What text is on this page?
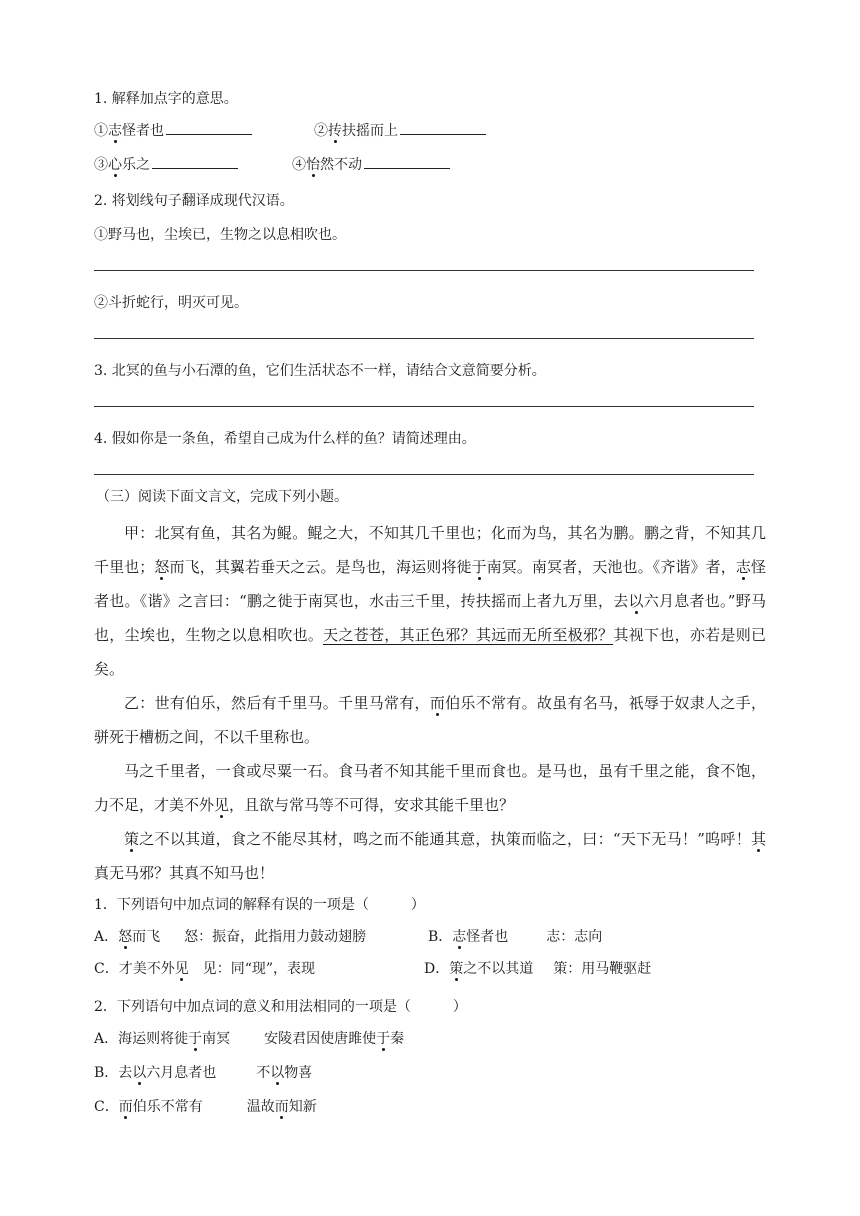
1. 解释加点字的意思。
①志怪者也	②抟扶摇而上
③心乐之	④怡然不动
2. 将划线句子翻译成现代汉语。
①野马也，尘埃已，生物之以息相吹也。
②斗折蛇行，明灭可见。
3. 北冥的鱼与小石潭的鱼，它们生活状态不一样，请结合文意简要分析。
4. 假如你是一条鱼，希望自己成为什么样的鱼？请简述理由。
（三）阅读下面文言文，完成下列小题。
甲：北冥有鱼，其名为鲲。鲲之大，不知其几千里也；化而为鸟，其名为鹏。鹏之背，不知其几千里也；怒而飞，其翼若垂天之云。是鸟也，海运则将徙于南冥。南冥者，天池也。《齐谐》者，志怪者也。《谐》之言曰：“鹏之徙于南冥也，水击三千里，抟扶摇而上者九万里，去以六月息者也。”野马也，尘埃也，生物之以息相吹也。天之苍苍，其正色邪？其远而无所至极邪？其视下也，亦若是则已矣。
乙：世有伯乐，然后有千里马。千里马常有，而伯乐不常有。故虽有名马，祇辱于奴隶人之手，骈死于槽枥之间，不以千里称也。
马之千里者，一食或尽粟一石。食马者不知其能千里而食也。是马也，虽有千里之能，食不饱，力不足，才美不外见，且欲与常马等不可得，安求其能千里也？
策之不以其道，食之不能尽其材，鸣之而不能通其意，执策而临之，曰：“天下无马！”呜呼！其真无马邪？其真不知马也！
1．下列语句中加点词的解释有误的一项是（　　　）
A．怒而飞 怒：振奋，此指用力鼓动翅膀	B．志怪者也	志：志向
C．才美不外见 见：同“现”，表现	D．策之不以其道 策：用马鞭驱赶
2．下列语句中加点词的意义和用法相同的一项是（　　　）
A．海运则将徙于南冥 安陵君因使唐雎使于秦
B．去以六月息者也	不以物喜
C．而伯乐不常有	温故而知新
